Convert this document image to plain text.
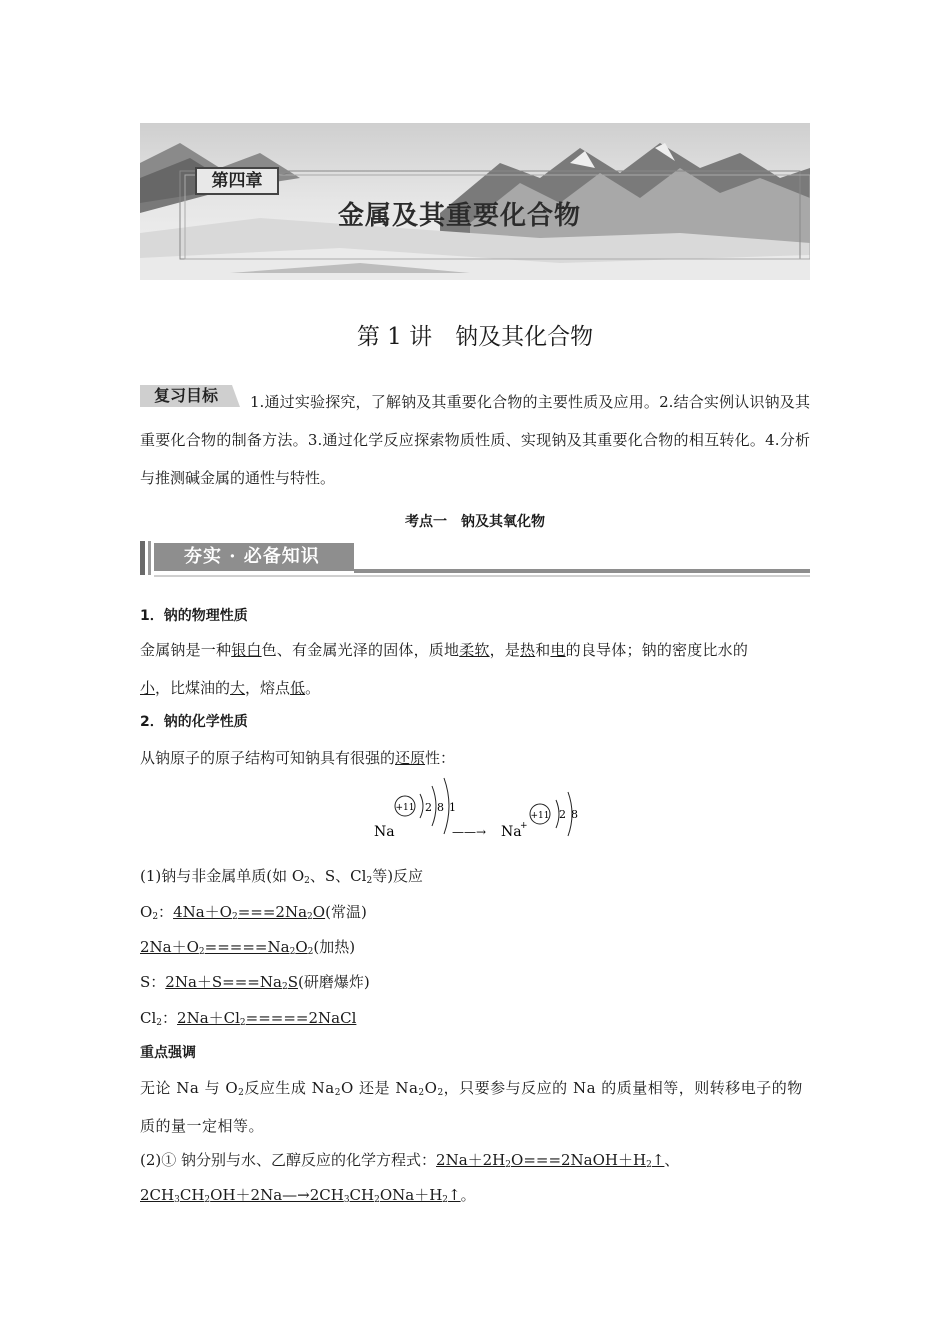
第四章
金属及其重要化合物
第 1 讲　钠及其化合物
复习目标	1.通过实验探究，了解钠及其重要化合物的主要性质及应用。2.结合实例认识钠及其重要化合物的制备方法。3.通过化学反应探索物质性质、实现钠及其重要化合物的相互转化。4.分析与推测碱金属的通性与特性。
考点一　钠及其氧化物
夯实 · 必备知识
1．钠的物理性质
金属钠是一种银白色、有金属光泽的固体，质地柔软，是热和电的良导体；钠的密度比水的
小，比煤油的大，熔点低。
2．钠的化学性质
从钠原子的原子结构可知钠具有很强的还原性：
+11 2 8 1
Na	——→ Na
+
+11 2 8
(1)钠与非金属单质(如 $O_2$、S、$Cl_2$等)反应
$O_2$：$4Na+O_2===2Na_2O$(常温)
$2Na+O_2=====Na_2O_2$(加热)
S：$2Na+S===Na_2S$(研磨爆炸)
$Cl_2$：$2Na+Cl_2=====2NaCl$
重点强调
无论 Na 与 $O_2$反应生成 $Na_2O$ 还是 $Na_2O_2$，只要参与反应的 Na 的质量相等，则转移电子的物
质的量一定相等。
(2)① 钠分别与水、乙醇反应的化学方程式：$2Na+2H_2O===2NaOH+H_2↑$、
$2CH_3CH_2OH+2Na—\to 2CH_3CH_2ONa+H_2↑$。
